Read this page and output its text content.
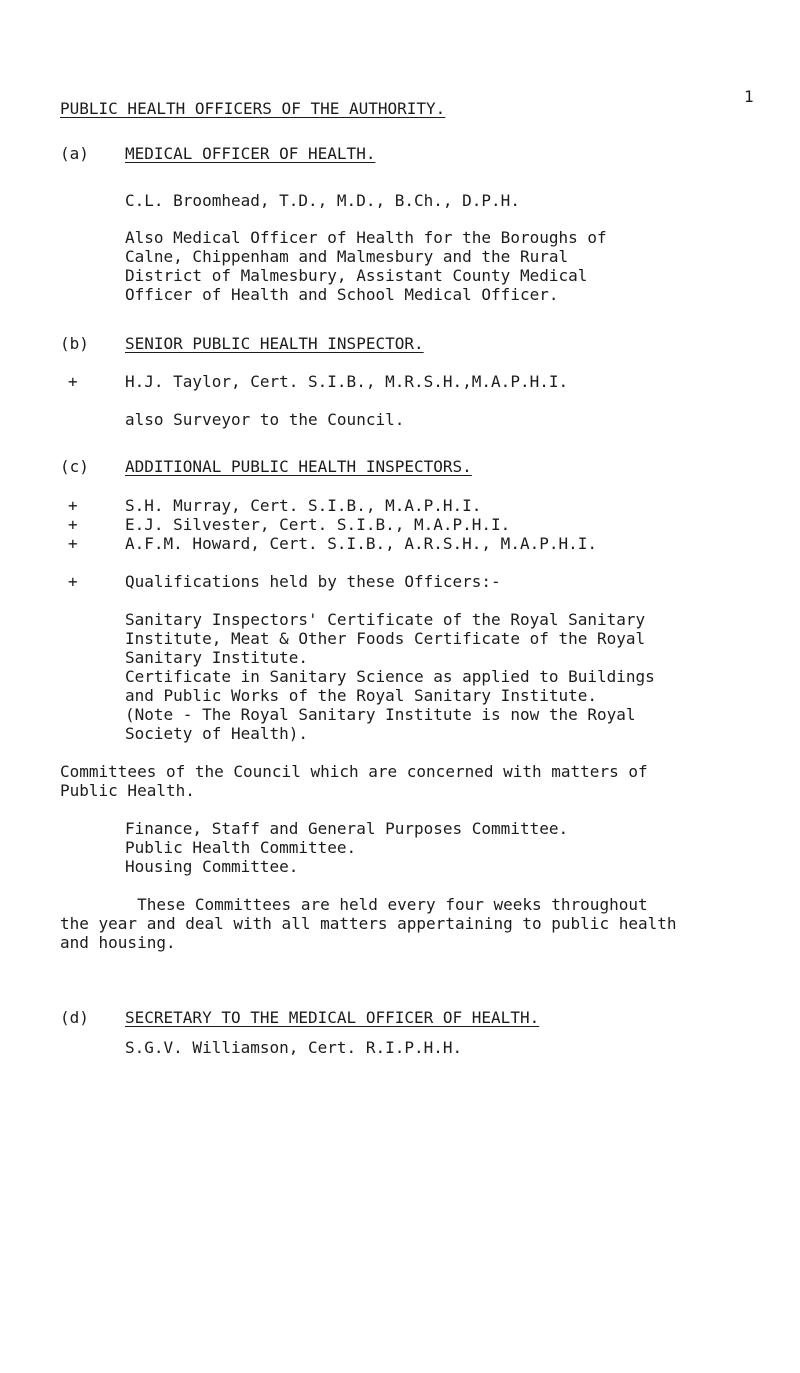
1
PUBLIC HEALTH OFFICERS OF THE AUTHORITY.
(a) MEDICAL OFFICER OF HEALTH.
C.L. Broomhead, T.D., M.D., B.Ch., D.P.H.
Also Medical Officer of Health for the Boroughs of
Calne, Chippenham and Malmesbury and the Rural
District of Malmesbury, Assistant County Medical
Officer of Health and School Medical Officer.
(b) SENIOR PUBLIC HEALTH INSPECTOR.
+	H.J. Taylor, Cert. S.I.B., M.R.S.H.,M.A.P.H.I.
also Surveyor to the Council.
(c) ADDITIONAL PUBLIC HEALTH INSPECTORS.
+	S.H. Murray, Cert. S.I.B., M.A.P.H.I.
+	E.J. Silvester, Cert. S.I.B., M.A.P.H.I.
+	A.F.M. Howard, Cert. S.I.B., A.R.S.H., M.A.P.H.I.
+	Qualifications held by these Officers:-
Sanitary Inspectors' Certificate of the Royal Sanitary
Institute, Meat & Other Foods Certificate of the Royal
Sanitary Institute.
Certificate in Sanitary Science as applied to Buildings
and Public Works of the Royal Sanitary Institute.
(Note - The Royal Sanitary Institute is now the Royal
Society of Health).
Committees of the Council which are concerned with matters of
Public Health.
Finance, Staff and General Purposes Committee.
Public Health Committee.
Housing Committee.
These Committees are held every four weeks throughout
the year and deal with all matters appertaining to public health
and housing.
(d) SECRETARY TO THE MEDICAL OFFICER OF HEALTH.
S.G.V. Williamson, Cert. R.I.P.H.H.
